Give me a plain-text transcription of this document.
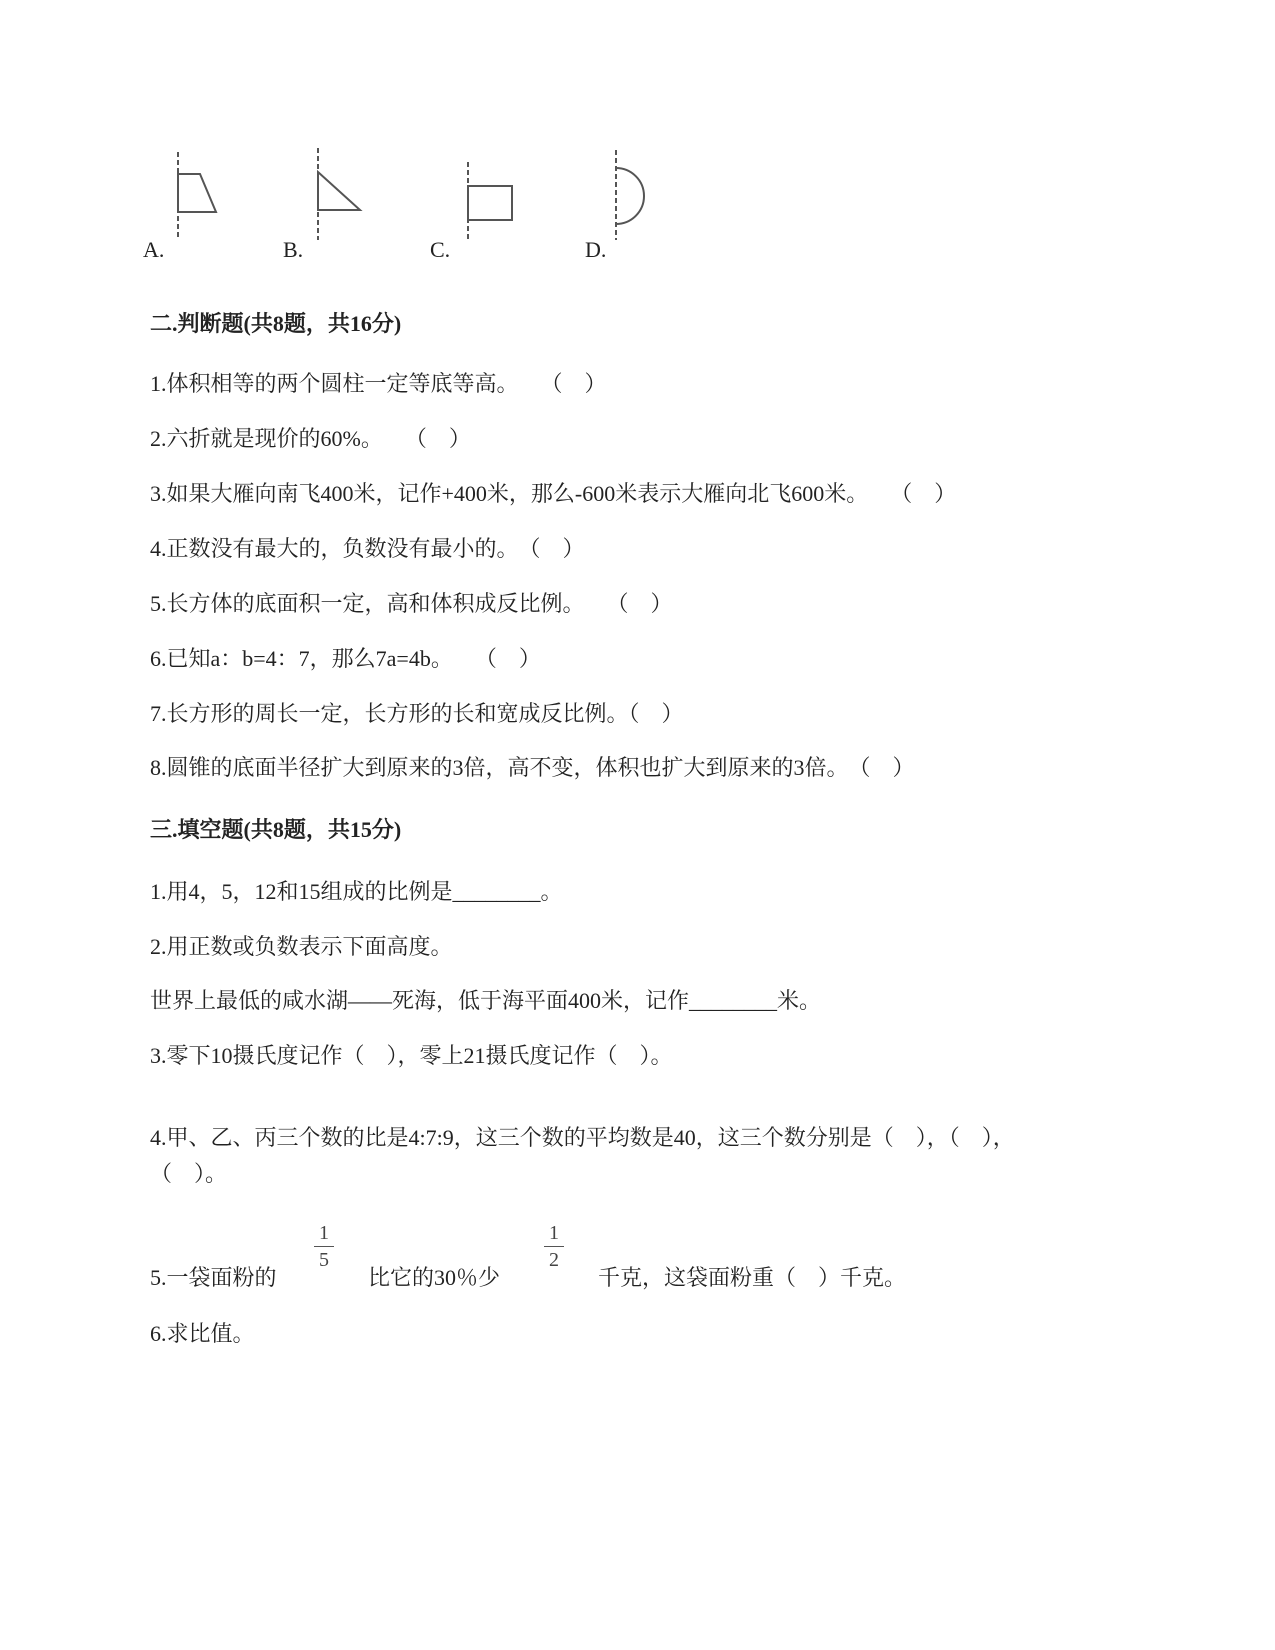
A.	B.	C.	D.
二.判断题(共8题，共16分)
1.体积相等的两个圆柱一定等底等高。　　（　）
2.六折就是现价的60%。　　（　）
3.如果大雁向南飞400米，记作+400米，那么-600米表示大雁向北飞600米。　　（　）
4.正数没有最大的，负数没有最小的。　（　）
5.长方体的底面积一定，高和体积成反比例。　　（　）
6.已知a：b=4：7，那么7a=4b。　　（　）
7.长方形的周长一定，长方形的长和宽成反比例。（　）
8.圆锥的底面半径扩大到原来的3倍，高不变，体积也扩大到原来的3倍。　（　）
三.填空题(共8题，共15分)
1.用4，5，12和15组成的比例是________。
2.用正数或负数表示下面高度。
世界上最低的咸水湖——死海，低于海平面400米，记作________米。
3.零下10摄氏度记作（　），零上21摄氏度记作（　）。
4.甲、乙、丙三个数的比是4:7:9，这三个数的平均数是40，这三个数分别是（　），（　），（　）。
5.一袋面粉的
1
5
比它的30％少
1
2
千克，这袋面粉重（　）千克。
6.求比值。
